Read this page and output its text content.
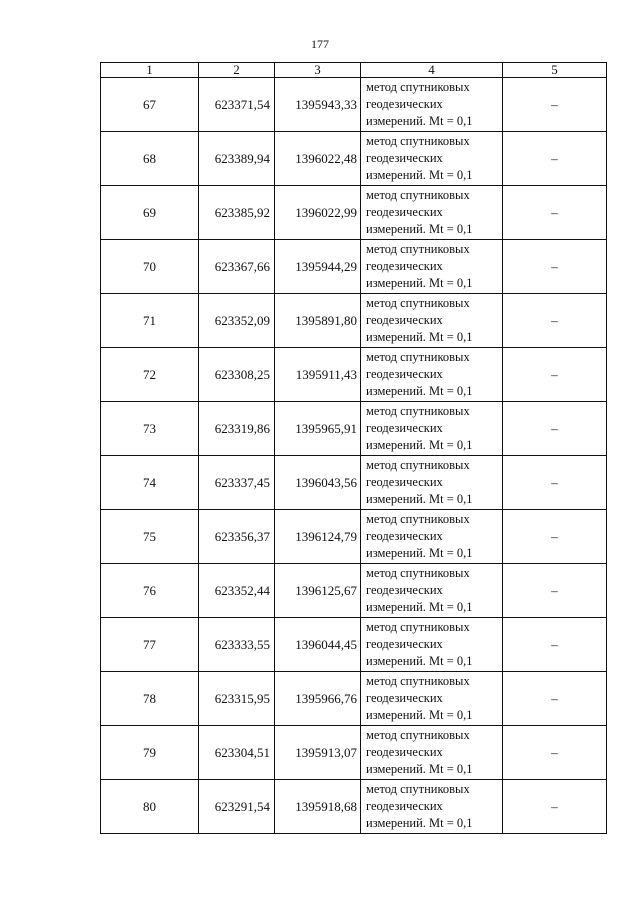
177
1	2	3	4	5
67	623371,54	1395943,33	метод спутниковых
геодезических
измерений. Mt = 0,1	–
68	623389,94	1396022,48	метод спутниковых
геодезических
измерений. Mt = 0,1	–
69	623385,92	1396022,99	метод спутниковых
геодезических
измерений. Mt = 0,1	–
70	623367,66	1395944,29	метод спутниковых
геодезических
измерений. Mt = 0,1	–
71	623352,09	1395891,80	метод спутниковых
геодезических
измерений. Mt = 0,1	–
72	623308,25	1395911,43	метод спутниковых
геодезических
измерений. Mt = 0,1	–
73	623319,86	1395965,91	метод спутниковых
геодезических
измерений. Mt = 0,1	–
74	623337,45	1396043,56	метод спутниковых
геодезических
измерений. Mt = 0,1	–
75	623356,37	1396124,79	метод спутниковых
геодезических
измерений. Mt = 0,1	–
76	623352,44	1396125,67	метод спутниковых
геодезических
измерений. Mt = 0,1	–
77	623333,55	1396044,45	метод спутниковых
геодезических
измерений. Mt = 0,1	–
78	623315,95	1395966,76	метод спутниковых
геодезических
измерений. Mt = 0,1	–
79	623304,51	1395913,07	метод спутниковых
геодезических
измерений. Mt = 0,1	–
80	623291,54	1395918,68	метод спутниковых
геодезических
измерений. Mt = 0,1	–
